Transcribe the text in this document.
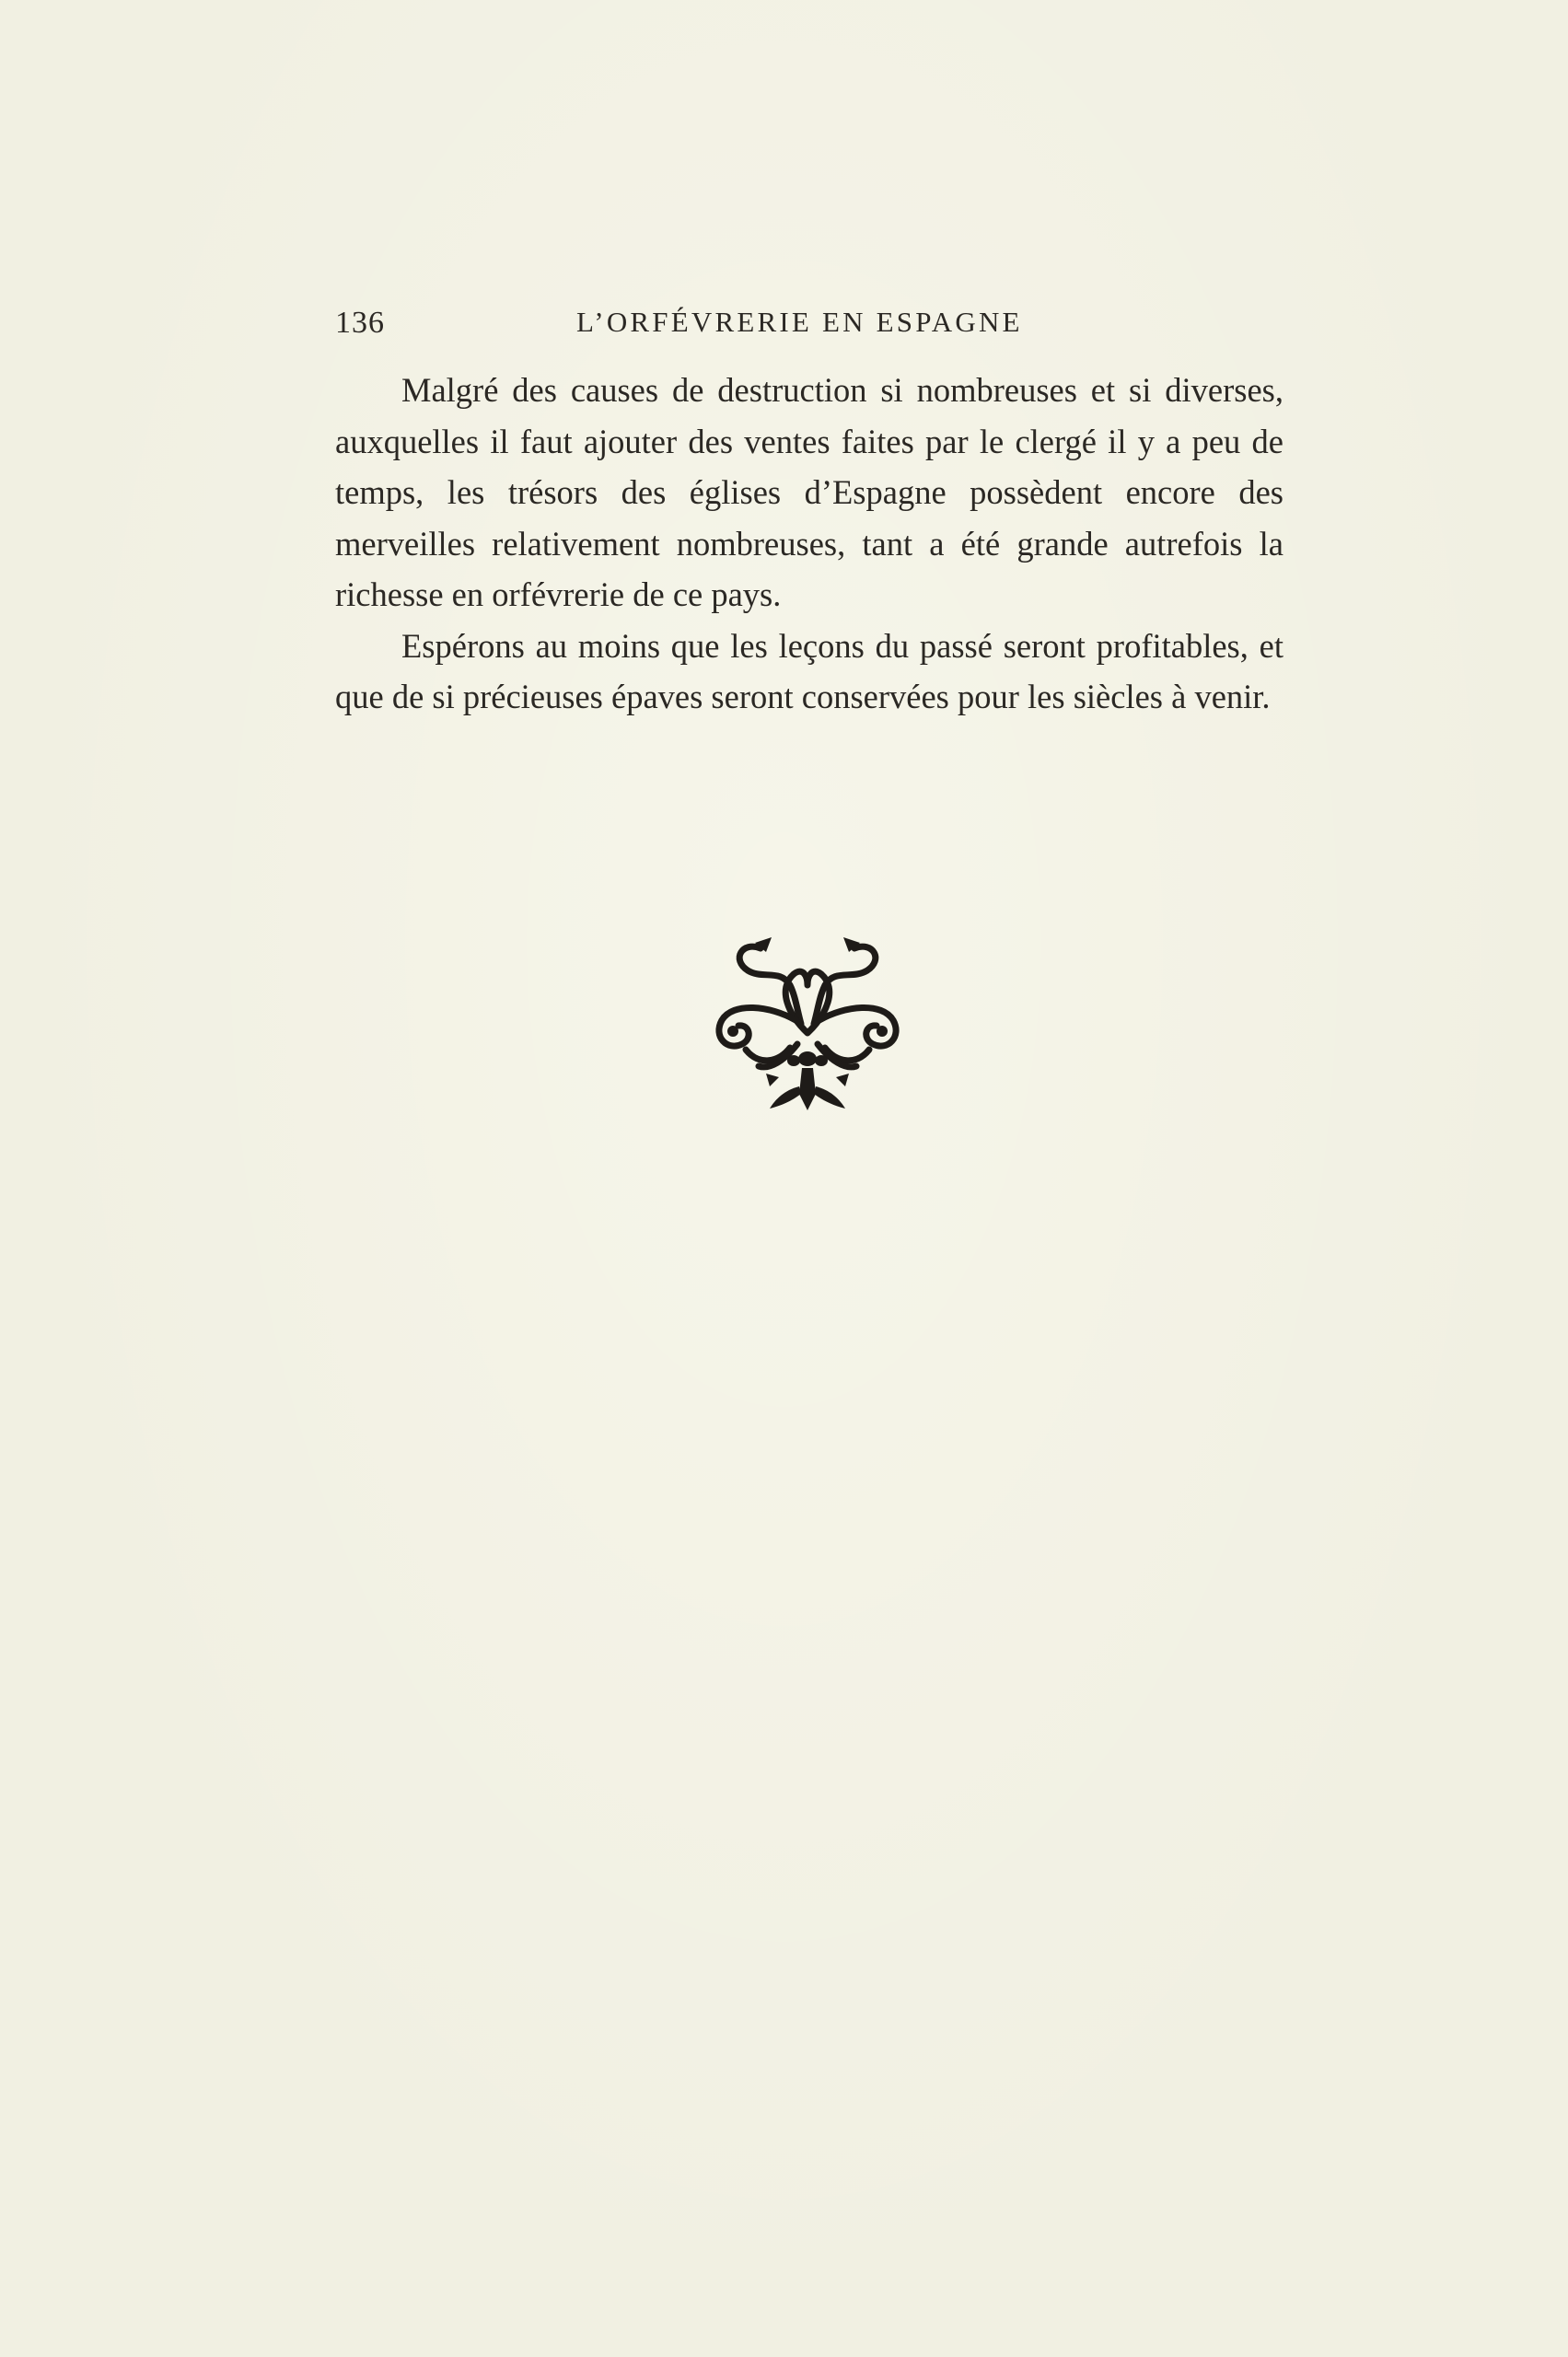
136	L’ORFÉVRERIE EN ESPAGNE

Malgré des causes de destruction si nombreuses et si diverses, auxquelles il faut ajouter des ventes faites par le clergé il y a peu de temps, les trésors des églises d’Espagne possèdent encore des merveilles relativement nombreuses, tant a été grande autrefois la richesse en orfévrerie de ce pays.

Espérons au moins que les leçons du passé seront profitables, et que de si précieuses épaves seront conservées pour les siècles à venir.
